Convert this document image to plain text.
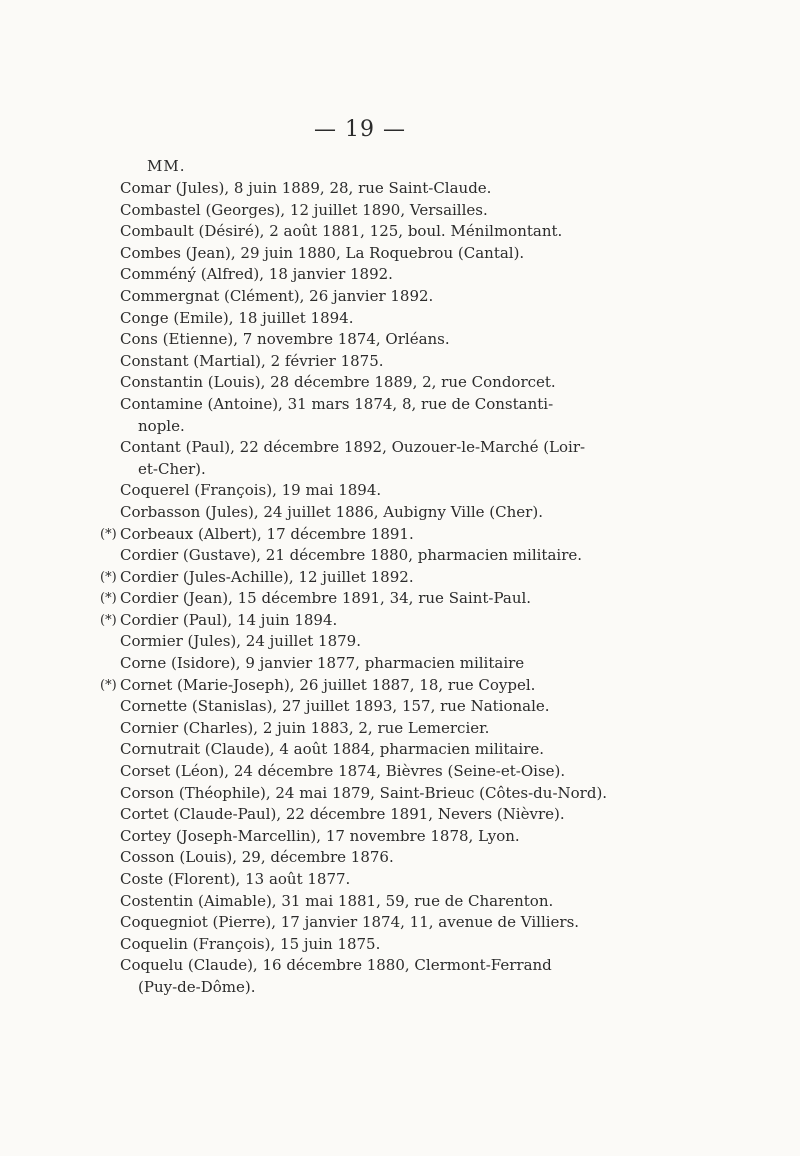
— 19 —
MM.
Comar (Jules), 8 juin 1889, 28, rue Saint-Claude.
Combastel (Georges), 12 juillet 1890, Versailles.
Combault (Désiré), 2 août 1881, 125, boul. Ménilmontant.
Combes (Jean), 29 juin 1880, La Roquebrou (Cantal).
Comméný (Alfred), 18 janvier 1892.
Commergnat (Clément), 26 janvier 1892.
Conge (Emile), 18 juillet 1894.
Cons (Etienne), 7 novembre 1874, Orléans.
Constant (Martial), 2 février 1875.
Constantin (Louis), 28 décembre 1889, 2, rue Condorcet.
Contamine (Antoine), 31 mars 1874, 8, rue de Constanti-
nople.
Contant (Paul), 22 décembre 1892, Ouzouer-le-Marché (Loir-
et-Cher).
Coquerel (François), 19 mai 1894.
Corbasson (Jules), 24 juillet 1886, Aubigny Ville (Cher).
(*) Corbeaux (Albert), 17 décembre 1891.
Cordier (Gustave), 21 décembre 1880, pharmacien militaire.
(*) Cordier (Jules-Achille), 12 juillet 1892.
(*) Cordier (Jean), 15 décembre 1891, 34, rue Saint-Paul.
(*) Cordier (Paul), 14 juin 1894.
Cormier (Jules), 24 juillet 1879.
Corne (Isidore), 9 janvier 1877, pharmacien militaire
(*) Cornet (Marie-Joseph), 26 juillet 1887, 18, rue Coypel.
Cornette (Stanislas), 27 juillet 1893, 157, rue Nationale.
Cornier (Charles), 2 juin 1883, 2, rue Lemercier.
Cornutrait (Claude), 4 août 1884, pharmacien militaire.
Corset (Léon), 24 décembre 1874, Bièvres (Seine-et-Oise).
Corson (Théophile), 24 mai 1879, Saint-Brieuc (Côtes-du-Nord).
Cortet (Claude-Paul), 22 décembre 1891, Nevers (Nièvre).
Cortey (Joseph-Marcellin), 17 novembre 1878, Lyon.
Cosson (Louis), 29, décembre 1876.
Coste (Florent), 13 août 1877.
Costentin (Aimable), 31 mai 1881, 59, rue de Charenton.
Coquegniot (Pierre), 17 janvier 1874, 11, avenue de Villiers.
Coquelin (François), 15 juin 1875.
Coquelu (Claude), 16 décembre 1880, Clermont-Ferrand
(Puy-de-Dôme).
